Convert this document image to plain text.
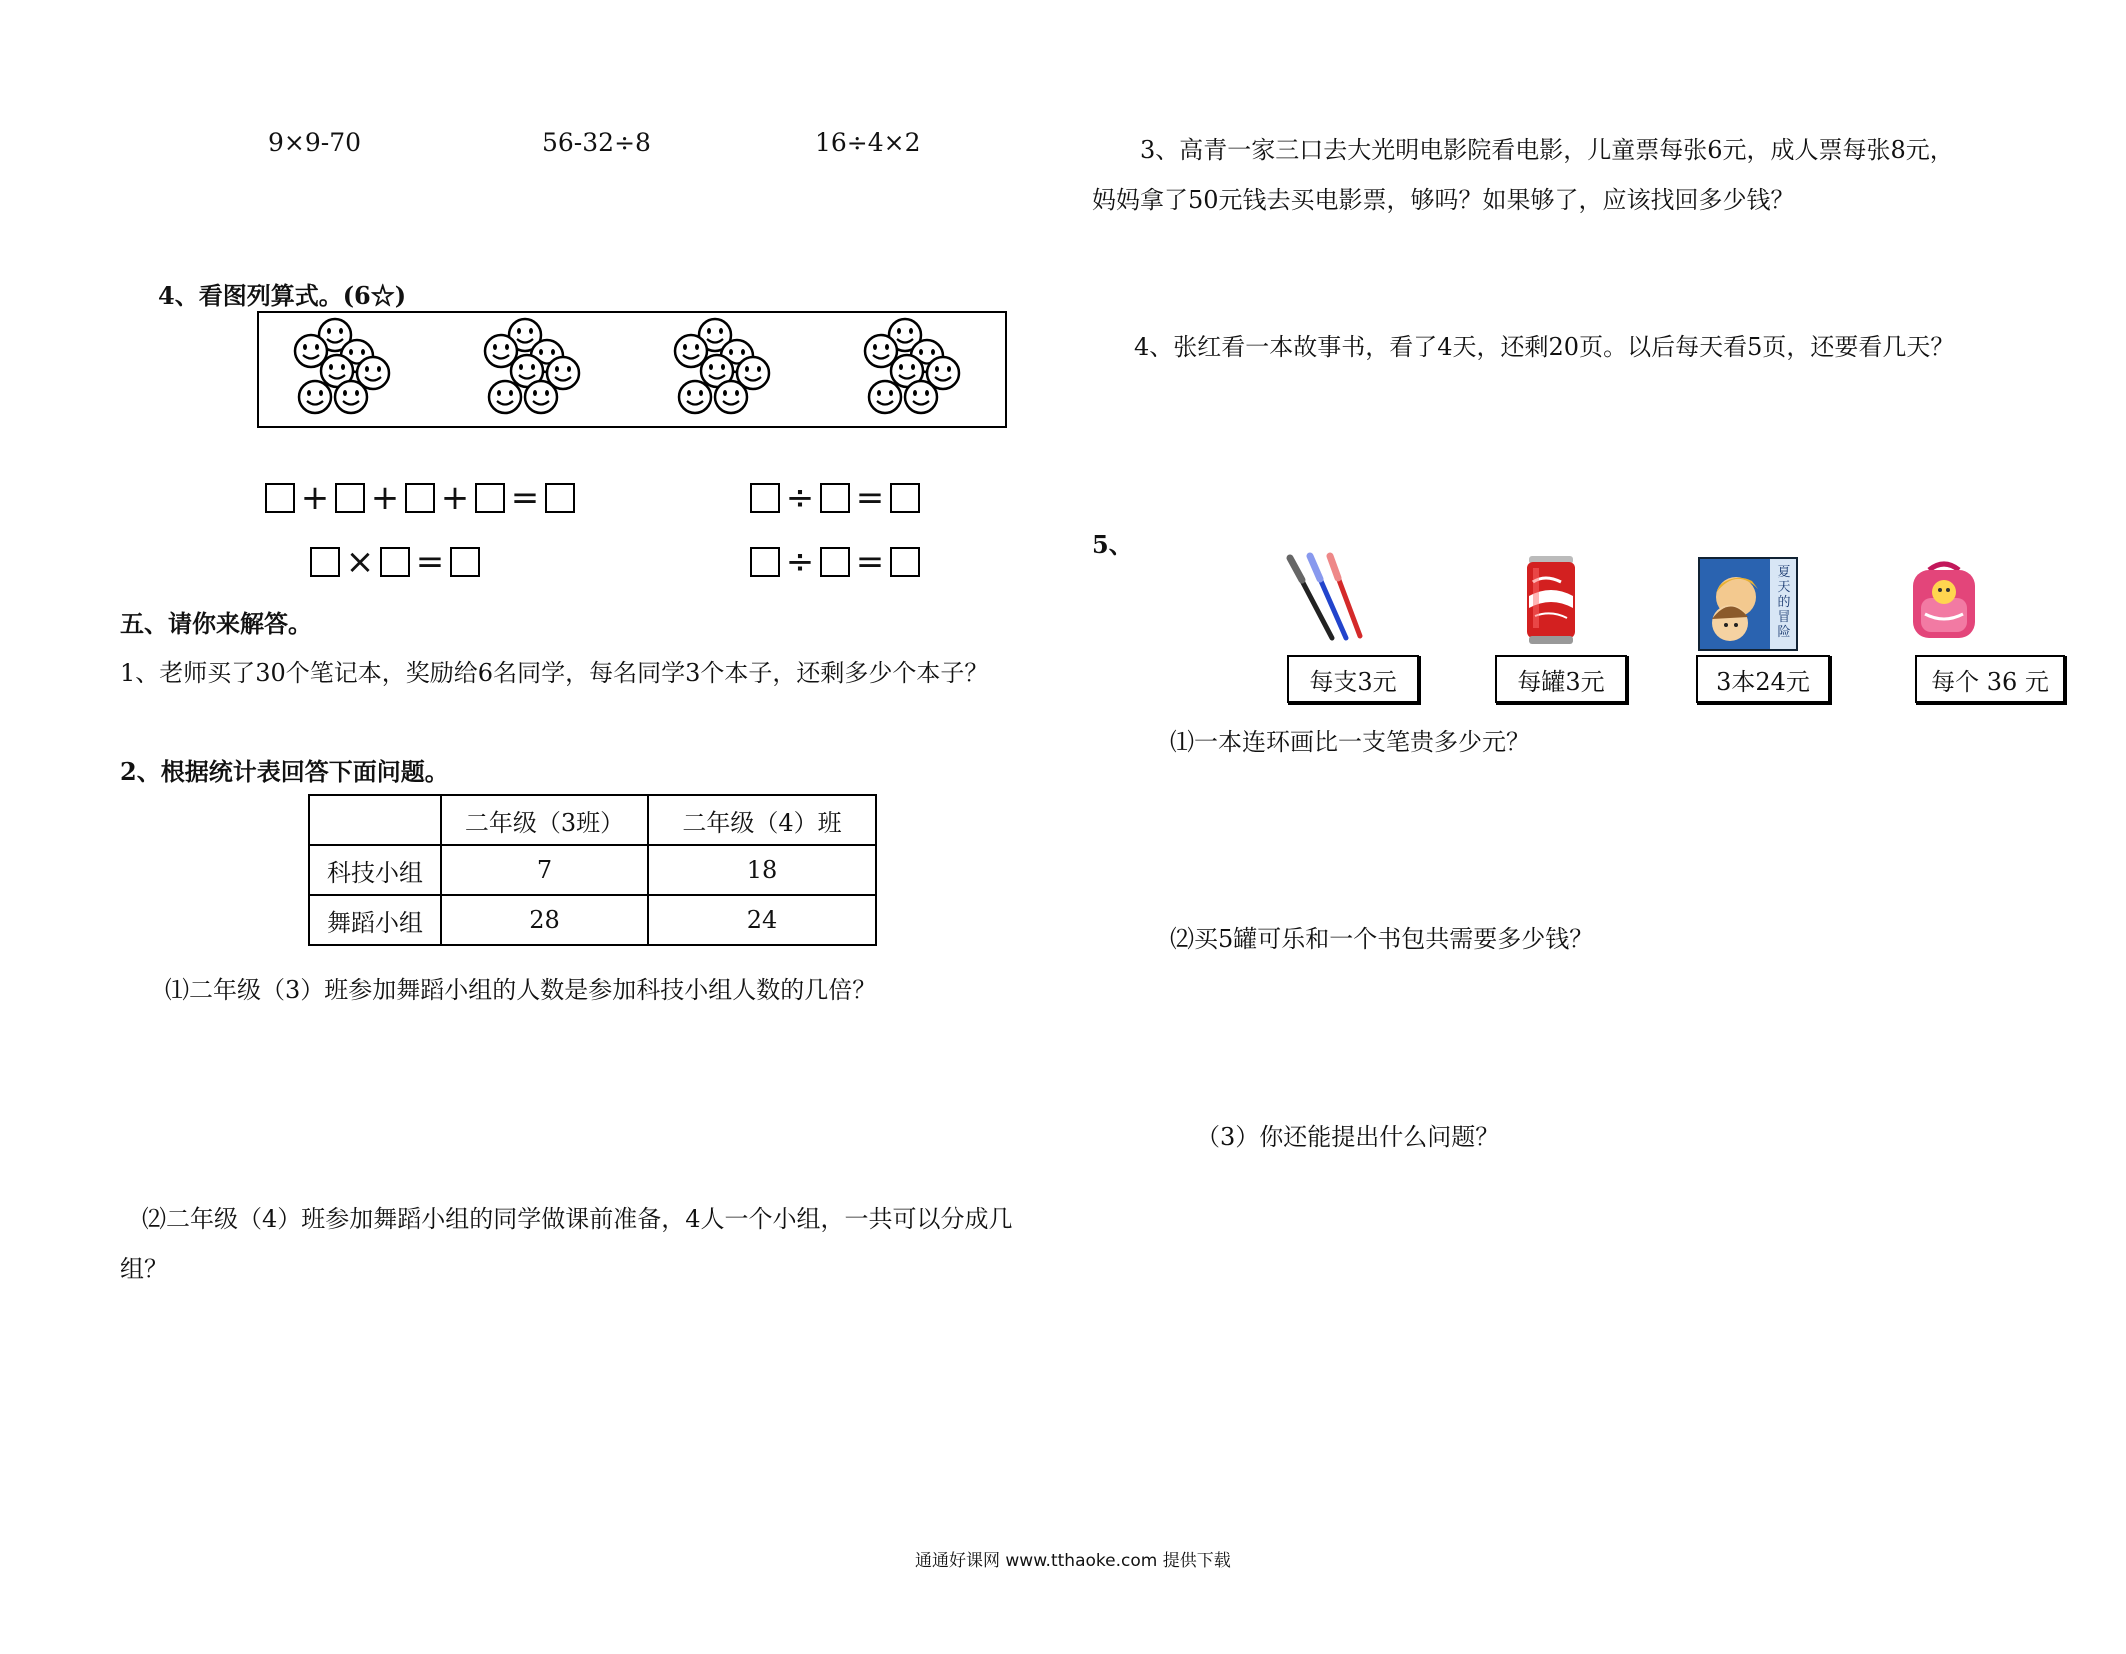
9×9-70	56-32÷8	16÷4×2
4、看图列算式。(6☆)
+ + + =
× =
÷ =
÷ =
五、请你来解答。
1、老师买了30个笔记本，奖励给6名同学，每名同学3个本子，还剩多少个本子？
2、根据统计表回答下面问题。
	二年级（3班）	二年级（4）班
科技小组	7	18
舞蹈小组	28	24
⑴二年级（3）班参加舞蹈小组的人数是参加科技小组人数的几倍？
⑵二年级（4）班参加舞蹈小组的同学做课前准备，4人一个小组，一共可以分成几
组？
3、高青一家三口去大光明电影院看电影，儿童票每张6元，成人票每张8元，
妈妈拿了50元钱去买电影票，够吗？如果够了，应该找回多少钱？
4、张红看一本故事书，看了4天，还剩20页。以后每天看5页，还要看几天？
5、
夏天的冒险
每支3元	每罐3元	3本24元	每个 36 元
⑴一本连环画比一支笔贵多少元？
⑵买5罐可乐和一个书包共需要多少钱？
（3）你还能提出什么问题？
通通好课网 www.tthaoke.com 提供下载
